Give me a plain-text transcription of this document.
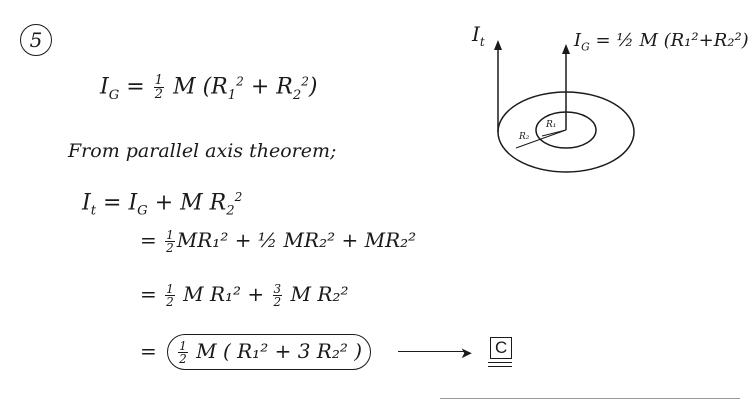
5
$I_G = \frac{1}{2}$ M $(R_1^2 + R_2^2)$
From parallel axis theorem;
$I_t = I_G + M$ $R_2^2$
= $\frac{1}{2} MR_1^2$ + ½ MR₂² + MR₂²
= $\frac{1}{2}$ M $R_1^2 + \frac{3}{2}$ M R₂²
= $\frac{1}{2}$ M ( R₁² + 3 R₂² )	➤ C
$I_t$	$I_G$ = ½ M (R₁²+R₂²)
R₁
R₂
